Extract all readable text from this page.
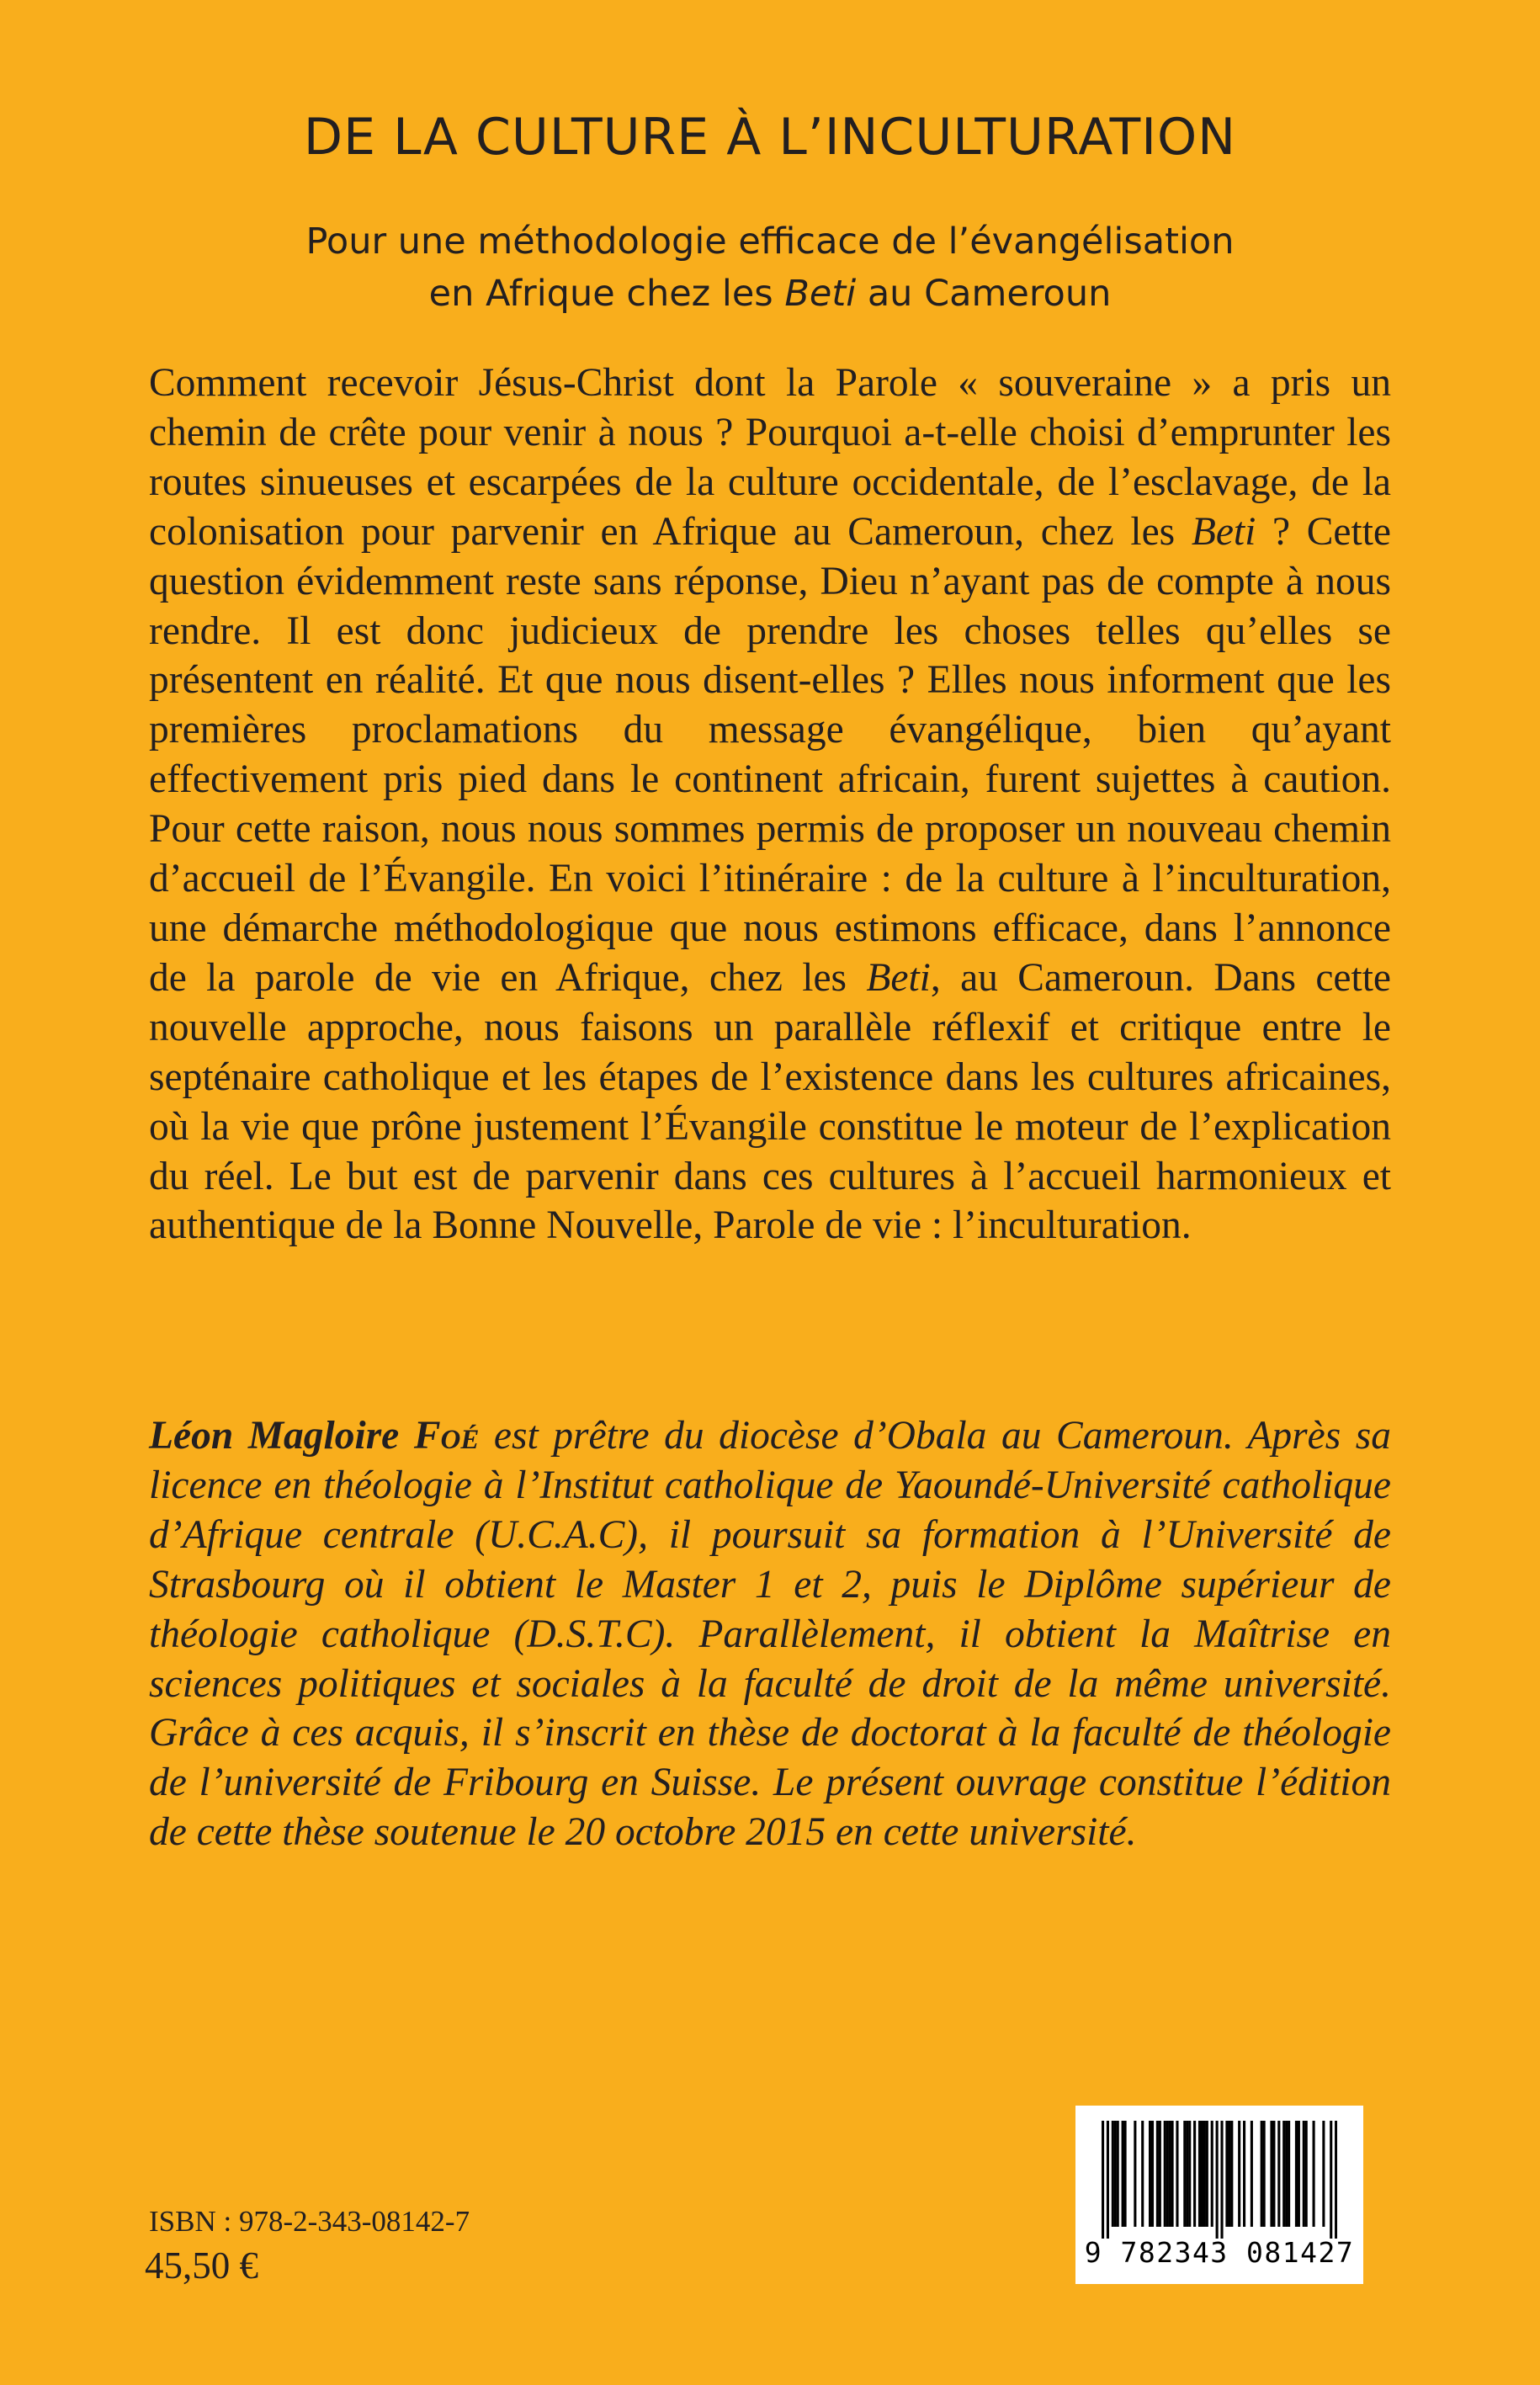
DE LA CULTURE À L’INCULTURATION
Pour une méthodologie efficace de l’évangélisation
en Afrique chez les Beti au Cameroun

Comment recevoir Jésus-Christ dont la Parole « souveraine » a pris un chemin de crête pour venir à nous ? Pourquoi a-t-elle choisi d’emprunter les routes sinueuses et escarpées de la culture occidentale, de l’esclavage, de la colonisation pour parvenir en Afrique au Cameroun, chez les Beti ? Cette question évidemment reste sans réponse, Dieu n’ayant pas de compte à nous rendre. Il est donc judicieux de prendre les choses telles qu’elles se présentent en réalité. Et que nous disent-elles ? Elles nous informent que les premières proclamations du message évangélique, bien qu’ayant effectivement pris pied dans le continent africain, furent sujettes à caution. Pour cette raison, nous nous sommes permis de proposer un nouveau chemin d’accueil de l’Évangile. En voici l’itinéraire : de la culture à l’inculturation, une démarche méthodologique que nous estimons efficace, dans l’annonce de la parole de vie en Afrique, chez les Beti, au Cameroun. Dans cette nouvelle approche, nous faisons un parallèle réflexif et critique entre le septénaire catholique et les étapes de l’existence dans les cultures africaines, où la vie que prône justement l’Évangile constitue le moteur de l’explication du réel. Le but est de parvenir dans ces cultures à l’accueil harmonieux et authentique de la Bonne Nouvelle, Parole de vie : l’inculturation.

Léon Magloire Foé est prêtre du diocèse d’Obala au Cameroun. Après sa licence en théologie à l’Institut catholique de Yaoundé-Université catholique d’Afrique centrale (U.C.A.C), il poursuit sa formation à l’Université de Strasbourg où il obtient le Master 1 et 2, puis le Diplôme supérieur de théologie catholique (D.S.T.C). Parallèlement, il obtient la Maîtrise en sciences politiques et sociales à la faculté de droit de la même université. Grâce à ces acquis, il s’inscrit en thèse de doctorat à la faculté de théologie de l’université de Fribourg en Suisse. Le présent ouvrage constitue l’édition de cette thèse soutenue le 20 octobre 2015 en cette université.

ISBN : 978-2-343-08142-7
45,50 €	9 782343 081427
